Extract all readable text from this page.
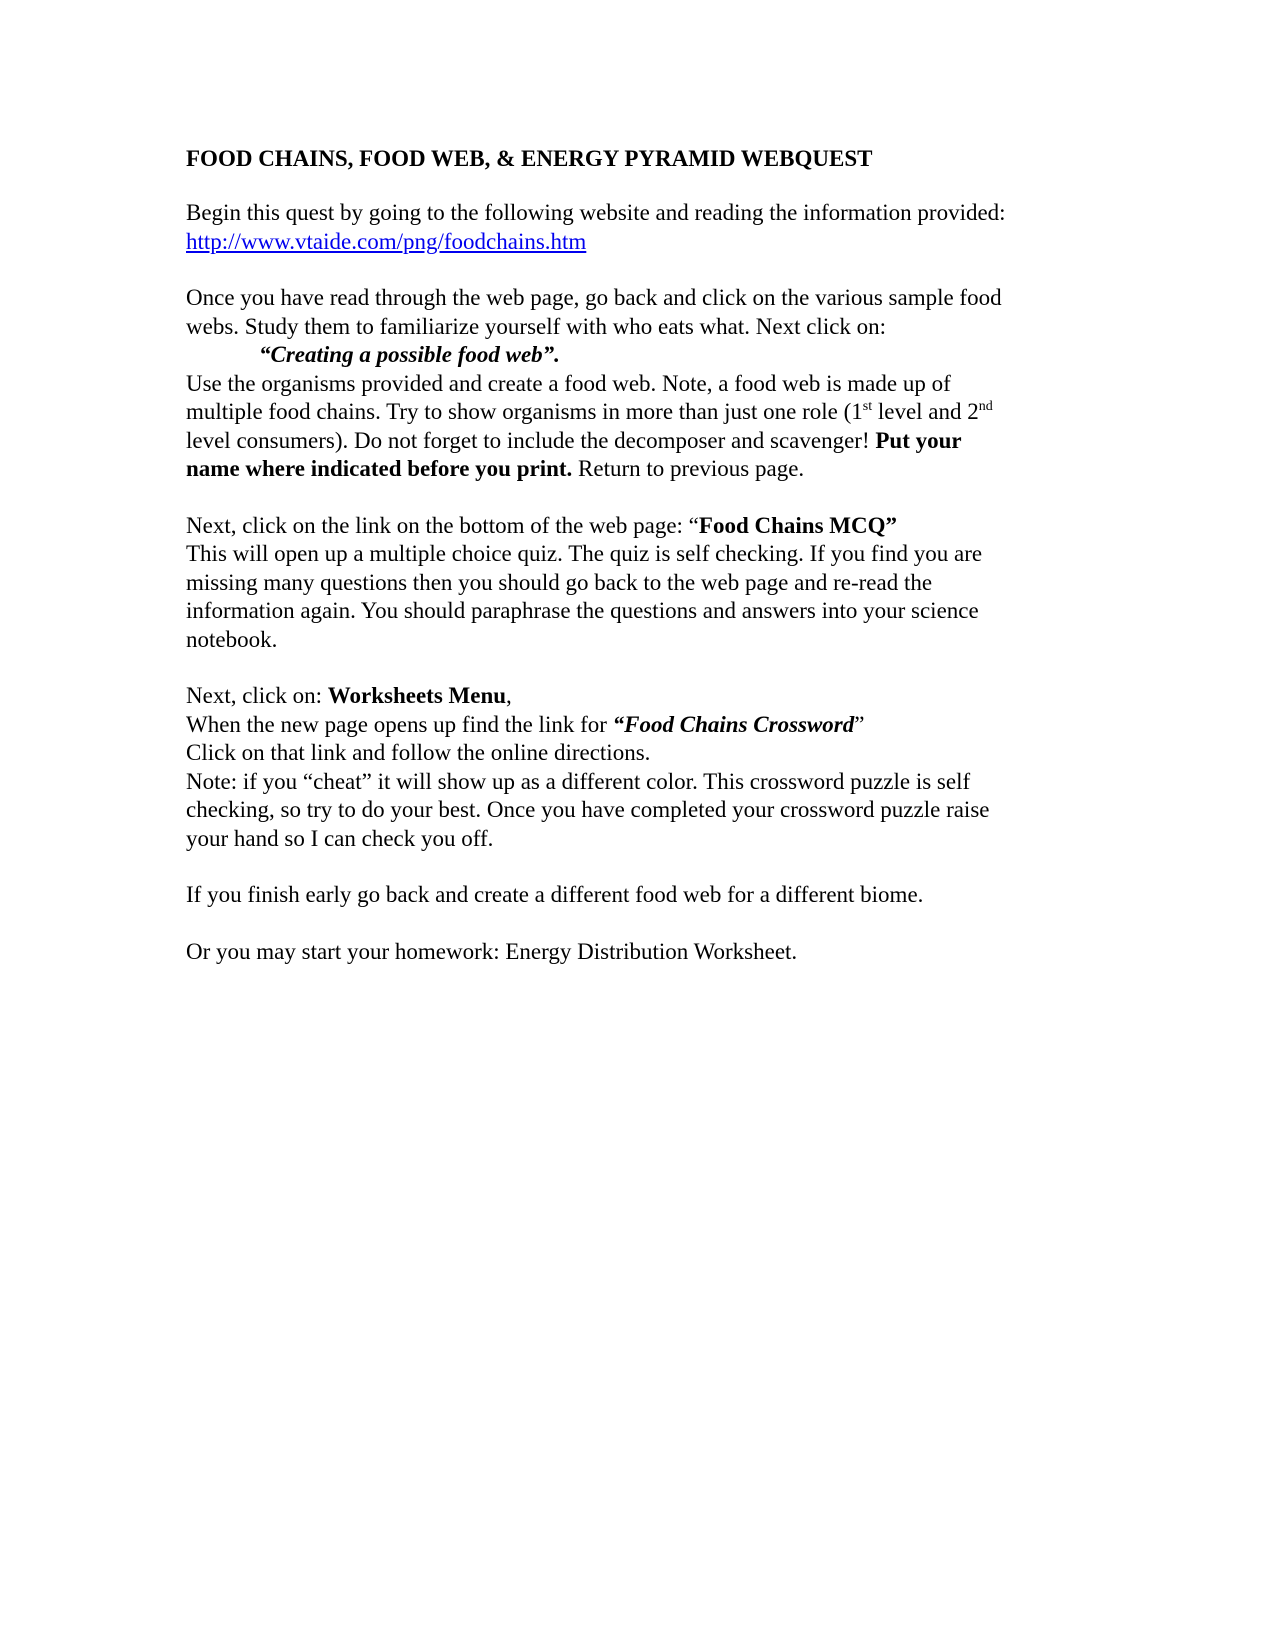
FOOD CHAINS, FOOD WEB, & ENERGY PYRAMID WEBQUEST

Begin this quest by going to the following website and reading the information provided:
http://www.vtaide.com/png/foodchains.htm

Once you have read through the web page, go back and click on the various sample food
webs. Study them to familiarize yourself with who eats what. Next click on:
“Creating a possible food web”.
Use the organisms provided and create a food web. Note, a food web is made up of
multiple food chains. Try to show organisms in more than just one role (1st level and 2nd
level consumers). Do not forget to include the decomposer and scavenger! Put your
name where indicated before you print. Return to previous page.

Next, click on the link on the bottom of the web page: “Food Chains MCQ”
This will open up a multiple choice quiz. The quiz is self checking. If you find you are
missing many questions then you should go back to the web page and re-read the
information again. You should paraphrase the questions and answers into your science
notebook.

Next, click on: Worksheets Menu,
When the new page opens up find the link for “Food Chains Crossword”
Click on that link and follow the online directions.
Note: if you “cheat” it will show up as a different color. This crossword puzzle is self
checking, so try to do your best. Once you have completed your crossword puzzle raise
your hand so I can check you off.

If you finish early go back and create a different food web for a different biome.

Or you may start your homework: Energy Distribution Worksheet.
